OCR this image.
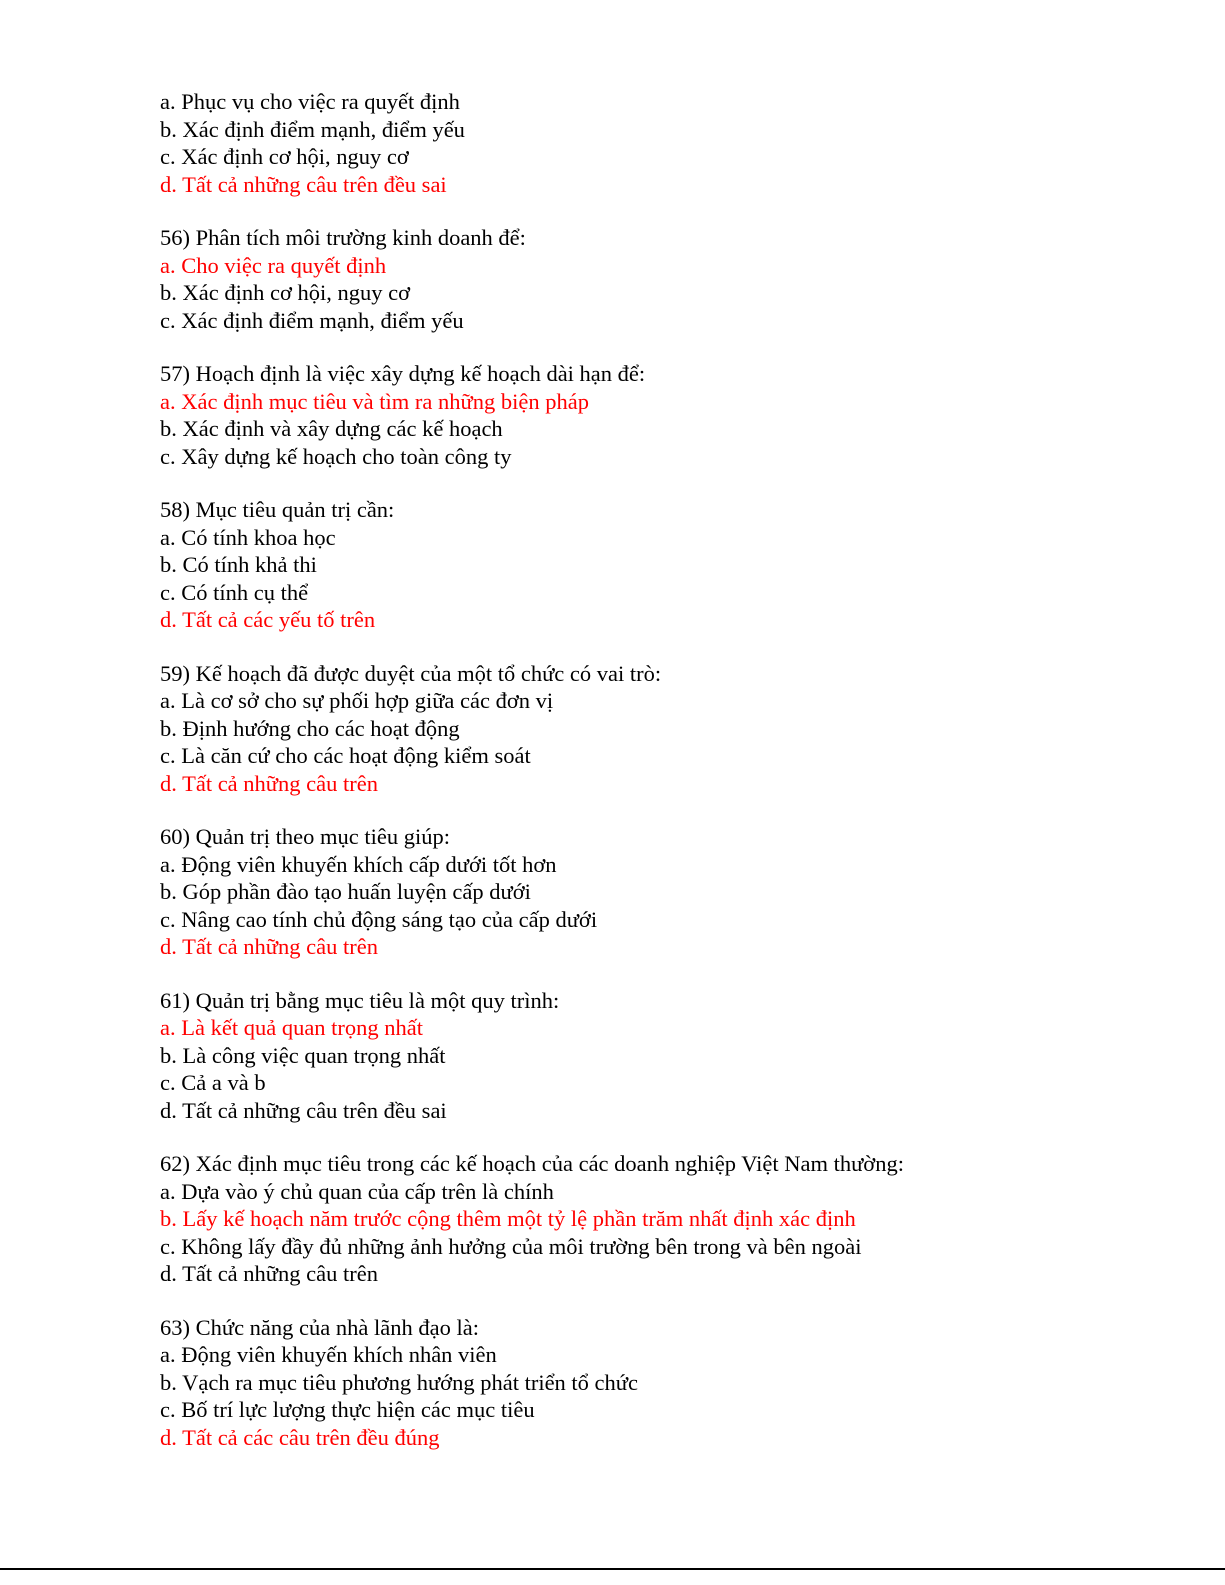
a. Phục vụ cho việc ra quyết định
b. Xác định điểm mạnh, điểm yếu
c. Xác định cơ hội, nguy cơ
d. Tất cả những câu trên đều sai
56) Phân tích môi trường kinh doanh để:
a. Cho việc ra quyết định
b. Xác định cơ hội, nguy cơ
c. Xác định điểm mạnh, điểm yếu
57) Hoạch định là việc xây dựng kế hoạch dài hạn để:
a. Xác định mục tiêu và tìm ra những biện pháp
b. Xác định và xây dựng các kế hoạch
c. Xây dựng kế hoạch cho toàn công ty
58) Mục tiêu quản trị cần:
a. Có tính khoa học
b. Có tính khả thi
c. Có tính cụ thể
d. Tất cả các yếu tố trên
59) Kế hoạch đã được duyệt của một tổ chức có vai trò:
a. Là cơ sở cho sự phối hợp giữa các đơn vị
b. Định hướng cho các hoạt động
c. Là căn cứ cho các hoạt động kiểm soát
d. Tất cả những câu trên
60) Quản trị theo mục tiêu giúp:
a. Động viên khuyến khích cấp dưới tốt hơn
b. Góp phần đào tạo huấn luyện cấp dưới
c. Nâng cao tính chủ động sáng tạo của cấp dưới
d. Tất cả những câu trên
61) Quản trị bằng mục tiêu là một quy trình:
a. Là kết quả quan trọng nhất
b. Là công việc quan trọng nhất
c. Cả a và b
d. Tất cả những câu trên đều sai
62) Xác định mục tiêu trong các kế hoạch của các doanh nghiệp Việt Nam thường:
a. Dựa vào ý chủ quan của cấp trên là chính
b. Lấy kế hoạch năm trước cộng thêm một tỷ lệ phần trăm nhất định xác định
c. Không lấy đầy đủ những ảnh hưởng của môi trường bên trong và bên ngoài
d. Tất cả những câu trên
63) Chức năng của nhà lãnh đạo là:
a. Động viên khuyến khích nhân viên
b. Vạch ra mục tiêu phương hướng phát triển tổ chức
c. Bố trí lực lượng thực hiện các mục tiêu
d. Tất cả các câu trên đều đúng
